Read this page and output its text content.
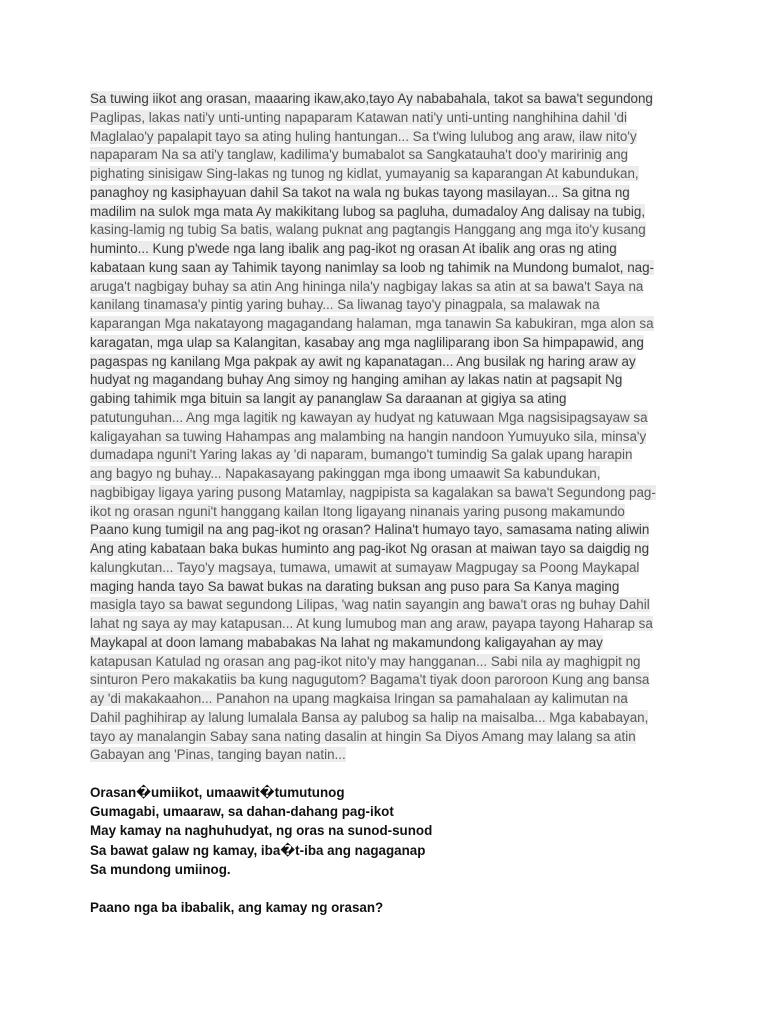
Sa tuwing iikot ang orasan, maaaring ikaw,ako,tayo Ay nababahala, takot sa bawa't segundong
Paglipas, lakas nati'y unti-unting napaparam Katawan nati'y unti-unting nanghihina dahil 'di
Maglalao'y papalapit tayo sa ating huling hantungan... Sa t'wing lulubog ang araw, ilaw nito'y
napaparam Na sa ati'y tanglaw, kadilima'y bumabalot sa Sangkatauha't doo'y maririnig ang
pighating sinisigaw Sing-lakas ng tunog ng kidlat, yumayanig sa kaparangan At kabundukan,
panaghoy ng kasiphayuan dahil Sa takot na wala ng bukas tayong masilayan... Sa gitna ng
madilim na sulok mga mata Ay makikitang lubog sa pagluha, dumadaloy Ang dalisay na tubig,
kasing-lamig ng tubig Sa batis, walang puknat ang pagtangis Hanggang ang mga ito'y kusang
huminto... Kung p'wede nga lang ibalik ang pag-ikot ng orasan At ibalik ang oras ng ating
kabataan kung saan ay Tahimik tayong nanimlay sa loob ng tahimik na Mundong bumalot, nag-
aruga't nagbigay buhay sa atin Ang hininga nila'y nagbigay lakas sa atin at sa bawa't Saya na
kanilang tinamasa'y pintig yaring buhay... Sa liwanag tayo'y pinagpala, sa malawak na
kaparangan Mga nakatayong magagandang halaman, mga tanawin Sa kabukiran, mga alon sa
karagatan, mga ulap sa Kalangitan, kasabay ang mga nagliliparang ibon Sa himpapawid, ang
pagaspas ng kanilang Mga pakpak ay awit ng kapanatagan... Ang busilak ng haring araw ay
hudyat ng magandang buhay Ang simoy ng hanging amihan ay lakas natin at pagsapit Ng
gabing tahimik mga bituin sa langit ay pananglaw Sa daraanan at gigiya sa ating
patutunguhan... Ang mga lagitik ng kawayan ay hudyat ng katuwaan Mga nagsisipagsayaw sa
kaligayahan sa tuwing Hahampas ang malambing na hangin nandoon Yumuyuko sila, minsa'y
dumadapa nguni't Yaring lakas ay 'di naparam, bumango't tumindig Sa galak upang harapin
ang bagyo ng buhay... Napakasayang pakinggan mga ibong umaawit Sa kabundukan,
nagbibigay ligaya yaring pusong Matamlay, nagpipista sa kagalakan sa bawa't Segundong pag-
ikot ng orasan nguni't hanggang kailan Itong ligayang ninanais yaring pusong makamundo
Paano kung tumigil na ang pag-ikot ng orasan? Halina't humayo tayo, samasama nating aliwin
Ang ating kabataan baka bukas huminto ang pag-ikot Ng orasan at maiwan tayo sa daigdig ng
kalungkutan... Tayo'y magsaya, tumawa, umawit at sumayaw Magpugay sa Poong Maykapal
maging handa tayo Sa bawat bukas na darating buksan ang puso para Sa Kanya maging
masigla tayo sa bawat segundong Lilipas, 'wag natin sayangin ang bawa't oras ng buhay Dahil
lahat ng saya ay may katapusan... At kung lumubog man ang araw, payapa tayong Haharap sa
Maykapal at doon lamang mababakas Na lahat ng makamundong kaligayahan ay may
katapusan Katulad ng orasan ang pag-ikot nito'y may hangganan... Sabi nila ay maghigpit ng
sinturon Pero makakatiis ba kung nagugutom? Bagama't tiyak doon paroroon Kung ang bansa
ay 'di makakaahon... Panahon na upang magkaisa Iringan sa pamahalaan ay kalimutan na
Dahil paghihirap ay lalung lumalala Bansa ay palubog sa halip na maisalba... Mga kababayan,
tayo ay manalangin Sabay sana nating dasalin at hingin Sa Diyos Amang may lalang sa atin
Gabayan ang 'Pinas, tanging bayan natin...
Orasan�umiikot, umaawit�tumutunog
Gumagabi, umaaraw, sa dahan-dahang pag-ikot
May kamay na naghuhudyat, ng oras na sunod-sunod
Sa bawat galaw ng kamay, iba�t-iba ang nagaganap
Sa mundong umiinog.
Paano nga ba ibabalik, ang kamay ng orasan?
